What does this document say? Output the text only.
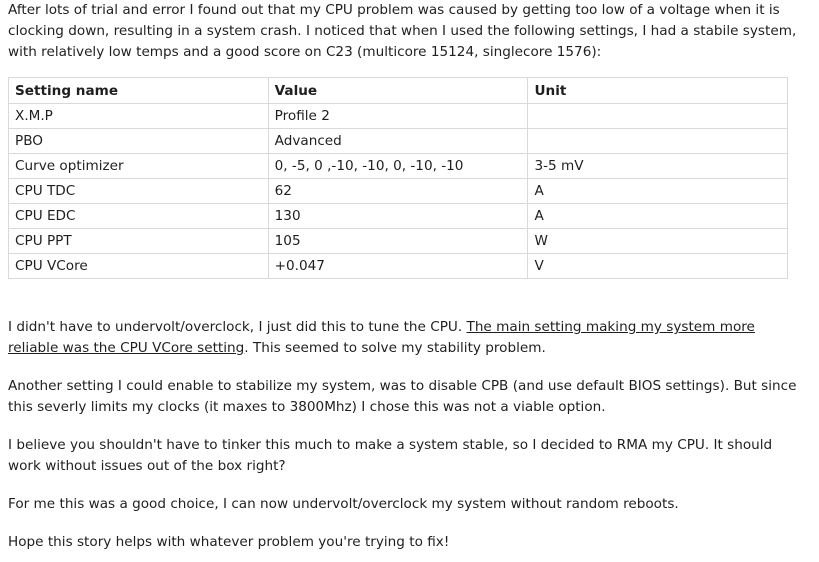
After lots of trial and error I found out that my CPU problem was caused by getting too low of a voltage when it is clocking down, resulting in a system crash. I noticed that when I used the following settings, I had a stabile system, with relatively low temps and a good score on C23 (multicore 15124, singlecore 1576):

Setting name	Value	Unit
X.M.P	Profile 2	
PBO	Advanced	
Curve optimizer	0, -5, 0 ,-10, -10, 0, -10, -10	3-5 mV
CPU TDC	62	A
CPU EDC	130	A
CPU PPT	105	W
CPU VCore	+0.047	V

I didn't have to undervolt/overclock, I just did this to tune the CPU. The main setting making my system more reliable was the CPU VCore setting. This seemed to solve my stability problem.

Another setting I could enable to stabilize my system, was to disable CPB (and use default BIOS settings). But since this severly limits my clocks (it maxes to 3800Mhz) I chose this was not a viable option.

I believe you shouldn't have to tinker this much to make a system stable, so I decided to RMA my CPU. It should work without issues out of the box right?

For me this was a good choice, I can now undervolt/overclock my system without random reboots.

Hope this story helps with whatever problem you're trying to fix!
